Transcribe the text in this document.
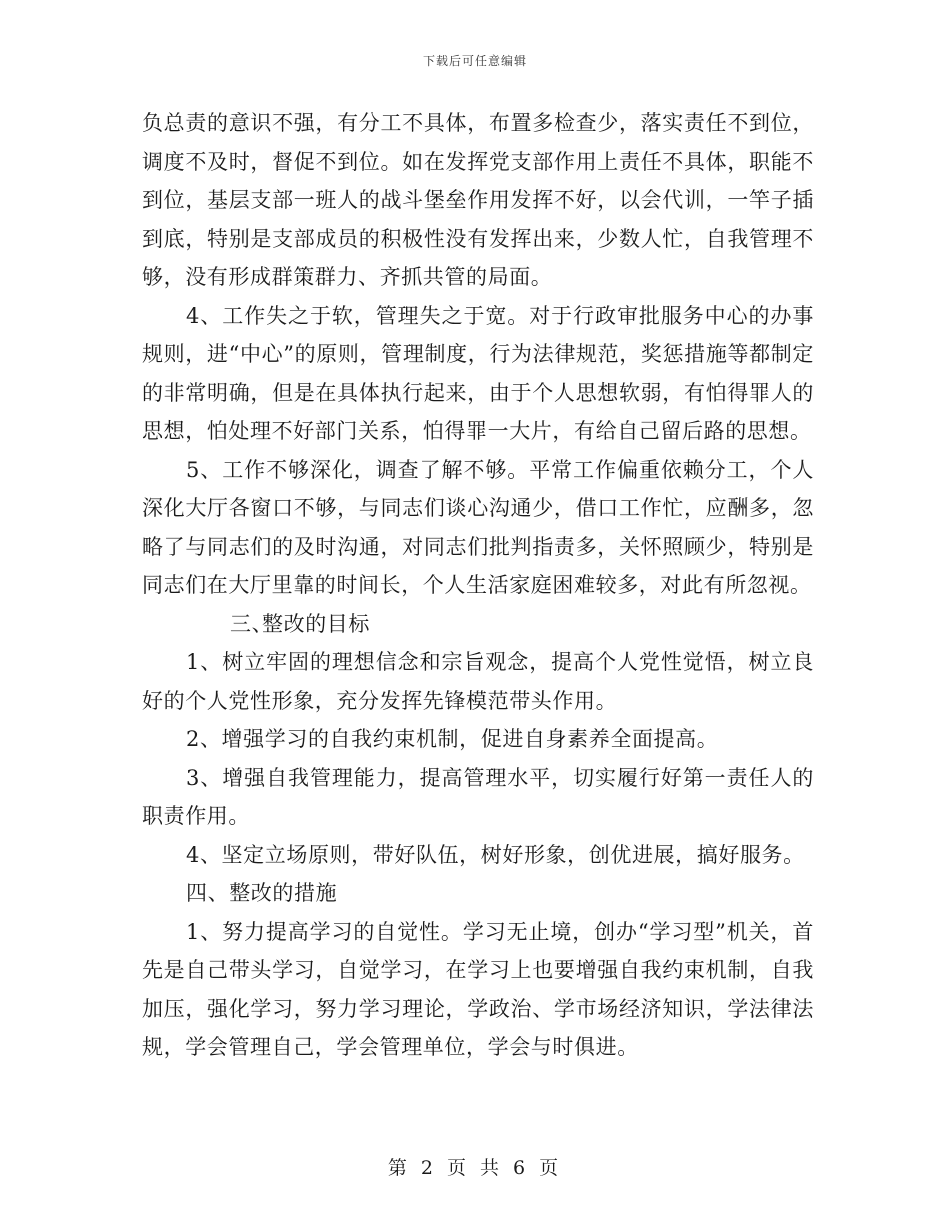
下载后可任意编辑

负总责的意识不强，有分工不具体，布置多检查少，落实责任不到位，调度不及时，督促不到位。如在发挥党支部作用上责任不具体，职能不到位，基层支部一班人的战斗堡垒作用发挥不好，以会代训，一竿子插到底，特别是支部成员的积极性没有发挥出来，少数人忙，自我管理不够，没有形成群策群力、齐抓共管的局面。

4、工作失之于软，管理失之于宽。对于行政审批服务中心的办事规则，进“中心”的原则，管理制度，行为法律规范，奖惩措施等都制定的非常明确，但是在具体执行起来，由于个人思想软弱，有怕得罪人的思想，怕处理不好部门关系，怕得罪一大片，有给自己留后路的思想。

5、工作不够深化，调查了解不够。平常工作偏重依赖分工，个人深化大厅各窗口不够，与同志们谈心沟通少，借口工作忙，应酬多，忽略了与同志们的及时沟通，对同志们批判指责多，关怀照顾少，特别是同志们在大厅里靠的时间长，个人生活家庭困难较多，对此有所忽视。

三、整改的目标

1、树立牢固的理想信念和宗旨观念，提高个人党性觉悟，树立良好的个人党性形象，充分发挥先锋模范带头作用。

2、增强学习的自我约束机制，促进自身素养全面提高。

3、增强自我管理能力，提高管理水平，切实履行好第一责任人的职责作用。

4、坚定立场原则，带好队伍，树好形象，创优进展，搞好服务。

四、整改的措施

1、努力提高学习的自觉性。学习无止境，创办“学习型”机关，首先是自己带头学习，自觉学习，在学习上也要增强自我约束机制，自我加压，强化学习，努力学习理论，学政治、学市场经济知识，学法律法规，学会管理自己，学会管理单位，学会与时俱进。

第 2 页 共 6 页
